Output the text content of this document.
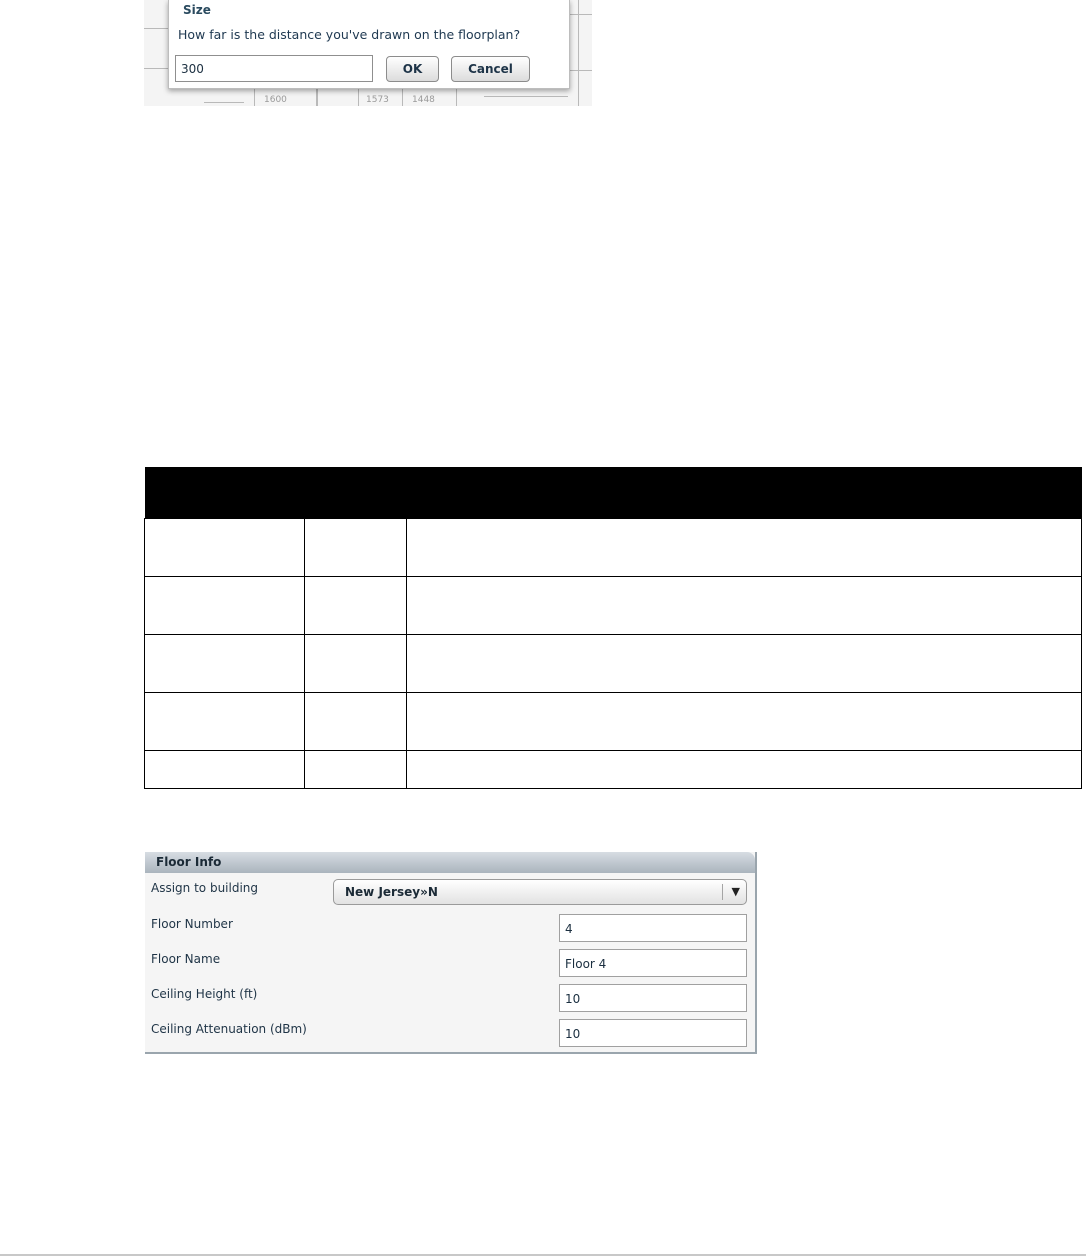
1600	1573	1448
Size
How far is the distance you've drawn on the floorplan?
300
OK	Cancel

Floor Info
Assign to building	New Jersey»N	▼
Floor Number
4
Floor Name
Floor 4
Ceiling Height (ft)
10
Ceiling Attenuation (dBm)
10
